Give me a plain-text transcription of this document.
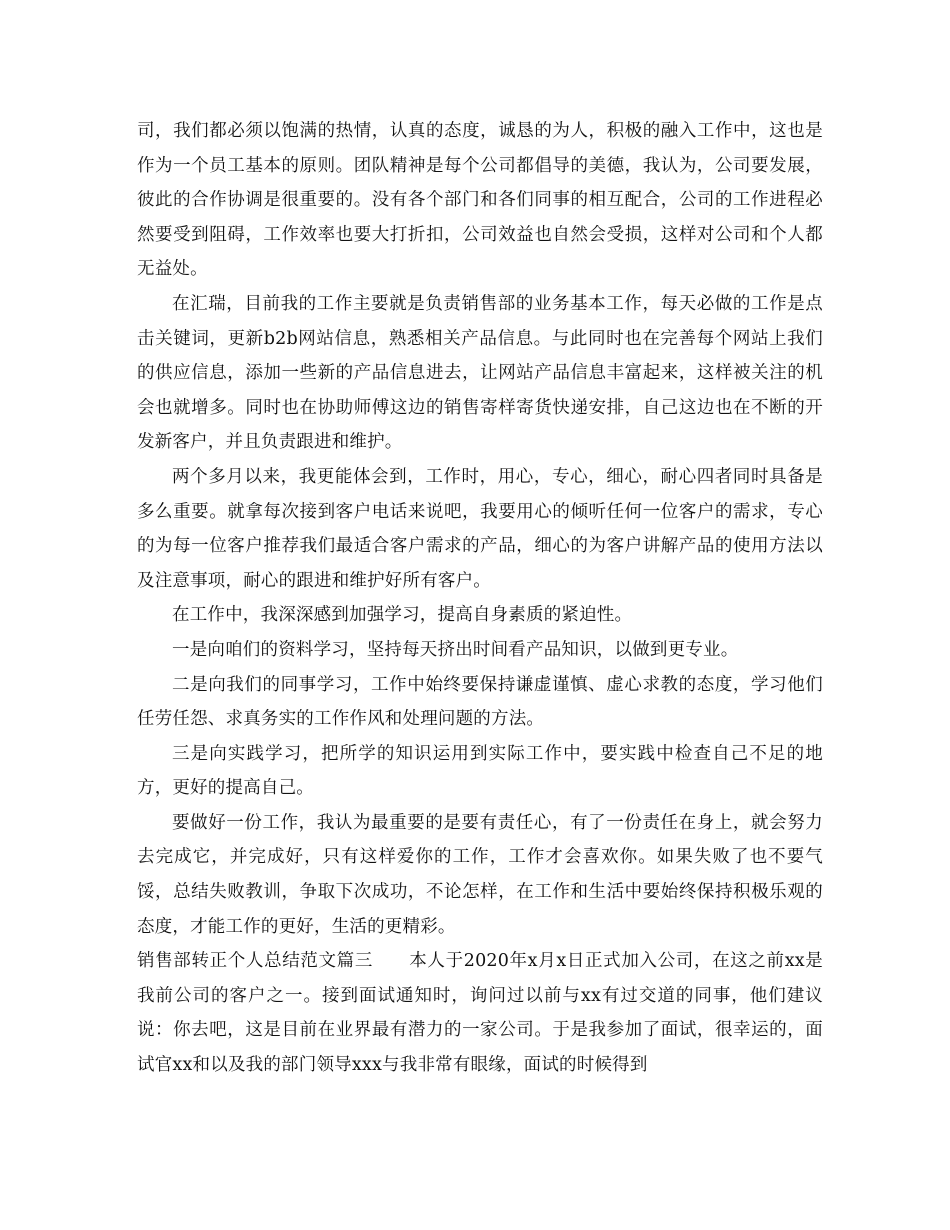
司，我们都必须以饱满的热情，认真的态度，诚恳的为人，积极的融入工作中，这也是作为一个员工基本的原则。团队精神是每个公司都倡导的美德，我认为，公司要发展，彼此的合作协调是很重要的。没有各个部门和各们同事的相互配合，公司的工作进程必然要受到阻碍，工作效率也要大打折扣，公司效益也自然会受损，这样对公司和个人都无益处。

在汇瑞，目前我的工作主要就是负责销售部的业务基本工作，每天必做的工作是点击关键词，更新b2b网站信息，熟悉相关产品信息。与此同时也在完善每个网站上我们的供应信息，添加一些新的产品信息进去，让网站产品信息丰富起来，这样被关注的机会也就增多。同时也在协助师傅这边的销售寄样寄货快递安排，自己这边也在不断的开发新客户，并且负责跟进和维护。

两个多月以来，我更能体会到，工作时，用心，专心，细心，耐心四者同时具备是多么重要。就拿每次接到客户电话来说吧，我要用心的倾听任何一位客户的需求，专心的为每一位客户推荐我们最适合客户需求的产品，细心的为客户讲解产品的使用方法以及注意事项，耐心的跟进和维护好所有客户。

在工作中，我深深感到加强学习，提高自身素质的紧迫性。

一是向咱们的资料学习，坚持每天挤出时间看产品知识，以做到更专业。

二是向我们的同事学习，工作中始终要保持谦虚谨慎、虚心求教的态度，学习他们任劳任怨、求真务实的工作作风和处理问题的方法。

三是向实践学习，把所学的知识运用到实际工作中，要实践中检查自己不足的地方，更好的提高自己。

要做好一份工作，我认为最重要的是要有责任心，有了一份责任在身上，就会努力去完成它，并完成好，只有这样爱你的工作，工作才会喜欢你。如果失败了也不要气馁，总结失败教训，争取下次成功，不论怎样，在工作和生活中要始终保持积极乐观的态度，才能工作的更好，生活的更精彩。

销售部转正个人总结范文篇三　　本人于2020年x月x日正式加入公司，在这之前xx是我前公司的客户之一。接到面试通知时，询问过以前与xx有过交道的同事，他们建议说：你去吧，这是目前在业界最有潜力的一家公司。于是我参加了面试，很幸运的，面试官xx和以及我的部门领导xxx与我非常有眼缘，面试的时候得到
